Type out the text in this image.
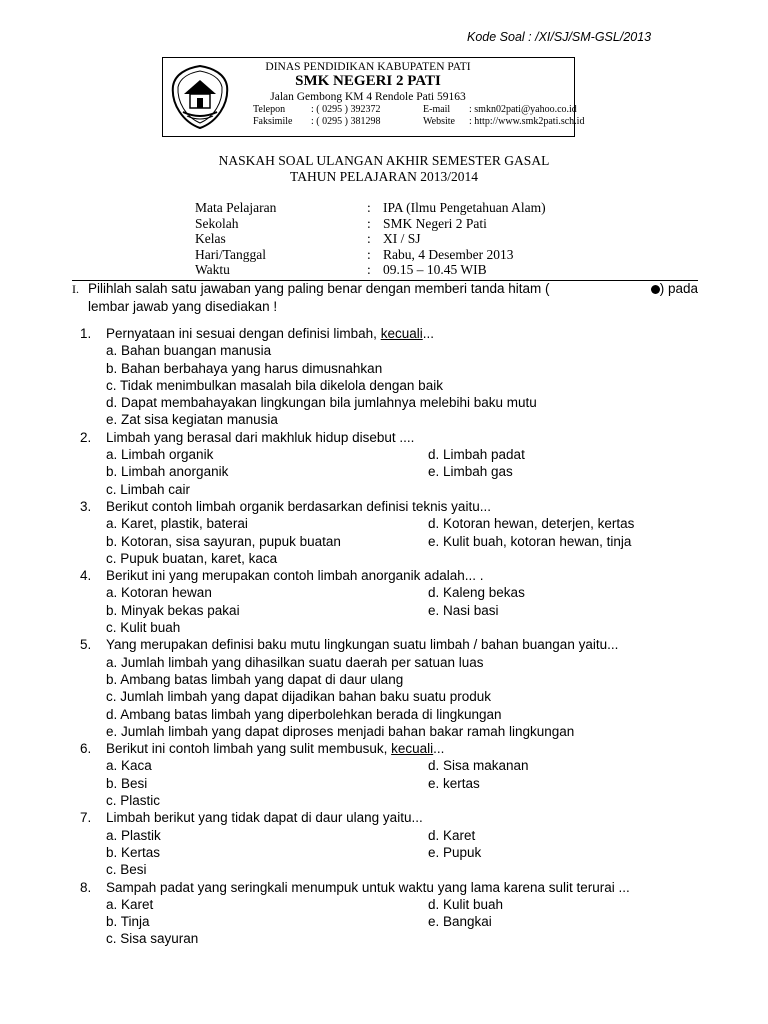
Kode Soal : /XI/SJ/SM-GSL/2013
DINAS PENDIDIKAN KABUPATEN PATI
SMK NEGERI 2 PATI
Jalan Gembong KM 4 Rendole Pati 59163
Telepon	: ( 0295 ) 392372	E-mail : smkn02pati@yahoo.co.id
Faksimile : ( 0295 ) 381298	Website : http://www.smk2pati.sch.id
NASKAH SOAL ULANGAN AKHIR SEMESTER GASAL
TAHUN PELAJARAN 2013/2014
Mata Pelajaran	: IPA (Ilmu Pengetahuan Alam)
Sekolah	: SMK Negeri 2 Pati
Kelas	: XI / SJ
Hari/Tanggal	: Rabu, 4 Desember 2013
Waktu	: 09.15 – 10.45 WIB
I. Pilihlah salah satu jawaban yang paling benar dengan memberi tanda hitam (	) pada
lembar jawab yang disediakan !
1.	Pernyataan ini sesuai dengan definisi limbah, kecuali...
a. Bahan buangan manusia
b. Bahan berbahaya yang harus dimusnahkan
c. Tidak menimbulkan masalah bila dikelola dengan baik
d. Dapat membahayakan lingkungan bila jumlahnya melebihi baku mutu
e. Zat sisa kegiatan manusia
2.	Limbah yang berasal dari makhluk hidup disebut ....
a. Limbah organik	d. Limbah padat
b. Limbah anorganik	e. Limbah gas
c. Limbah cair
3.	Berikut contoh limbah organik berdasarkan definisi teknis yaitu...
a. Karet, plastik, baterai	d. Kotoran hewan, deterjen, kertas
b. Kotoran, sisa sayuran, pupuk buatan	e. Kulit buah, kotoran hewan, tinja
c. Pupuk buatan, karet, kaca
4.	Berikut ini yang merupakan contoh limbah anorganik adalah... .
a. Kotoran hewan	d. Kaleng bekas
b. Minyak bekas pakai	e. Nasi basi
c. Kulit buah
5.	Yang merupakan definisi baku mutu lingkungan suatu limbah / bahan buangan yaitu...
a. Jumlah limbah yang dihasilkan suatu daerah per satuan luas
b. Ambang batas limbah yang dapat di daur ulang
c. Jumlah limbah yang dapat dijadikan bahan baku suatu produk
d. Ambang batas limbah yang diperbolehkan berada di lingkungan
e. Jumlah limbah yang dapat diproses menjadi bahan bakar ramah lingkungan
6.	Berikut ini contoh limbah yang sulit membusuk, kecuali...
a. Kaca	d. Sisa makanan
b. Besi	e. kertas
c. Plastic
7.	Limbah berikut yang tidak dapat di daur ulang yaitu...
a. Plastik	d. Karet
b. Kertas	e. Pupuk
c. Besi
8.	Sampah padat yang seringkali menumpuk untuk waktu yang lama karena sulit terurai ...
a. Karet	d. Kulit buah
b. Tinja	e. Bangkai
c. Sisa sayuran
